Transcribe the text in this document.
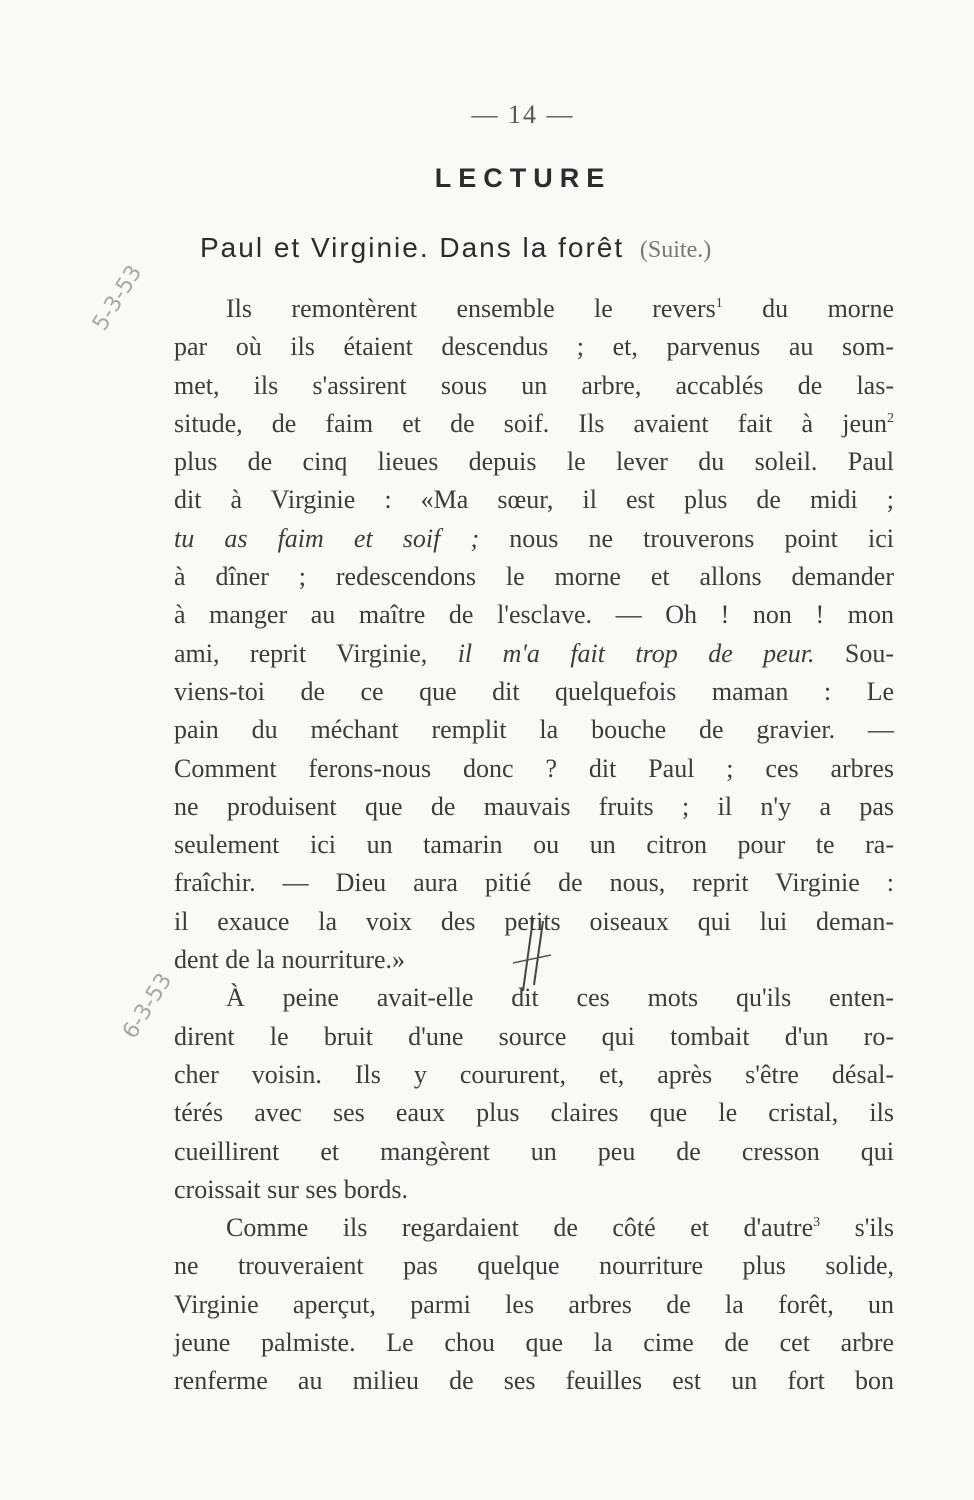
— 14 —
LECTURE
Paul et Virginie. Dans la forêt (Suite.)
5-3-53
6-3-53
Ils remontèrent ensemble le revers$^1$ du morne
par où ils étaient descendus ; et, parvenus au som-
met, ils s'assirent sous un arbre, accablés de las-
situde, de faim et de soif. Ils avaient fait à jeun$^2$
plus de cinq lieues depuis le lever du soleil. Paul
dit à Virginie : «Ma sœur, il est plus de midi ;
tu as faim et soif ; nous ne trouverons point ici
à dîner ; redescendons le morne et allons demander
à manger au maître de l'esclave. — Oh ! non ! mon
ami, reprit Virginie, il m'a fait trop de peur. Sou-
viens-toi de ce que dit quelquefois maman : Le
pain du méchant remplit la bouche de gravier. —
Comment ferons-nous donc ? dit Paul ; ces arbres
ne produisent que de mauvais fruits ; il n'y a pas
seulement ici un tamarin ou un citron pour te ra-
fraîchir. — Dieu aura pitié de nous, reprit Virginie :
il exauce la voix des petits oiseaux qui lui deman-
dent de la nourriture.»
À peine avait-elle dit ces mots qu'ils enten-
dirent le bruit d'une source qui tombait d'un ro-
cher voisin. Ils y coururent, et, après s'être désal-
térés avec ses eaux plus claires que le cristal, ils
cueillirent et mangèrent un peu de cresson qui
croissait sur ses bords.
Comme ils regardaient de côté et d'autre$^3$ s'ils
ne trouveraient pas quelque nourriture plus solide,
Virginie aperçut, parmi les arbres de la forêt, un
jeune palmiste. Le chou que la cime de cet arbre
renferme au milieu de ses feuilles est un fort bon
